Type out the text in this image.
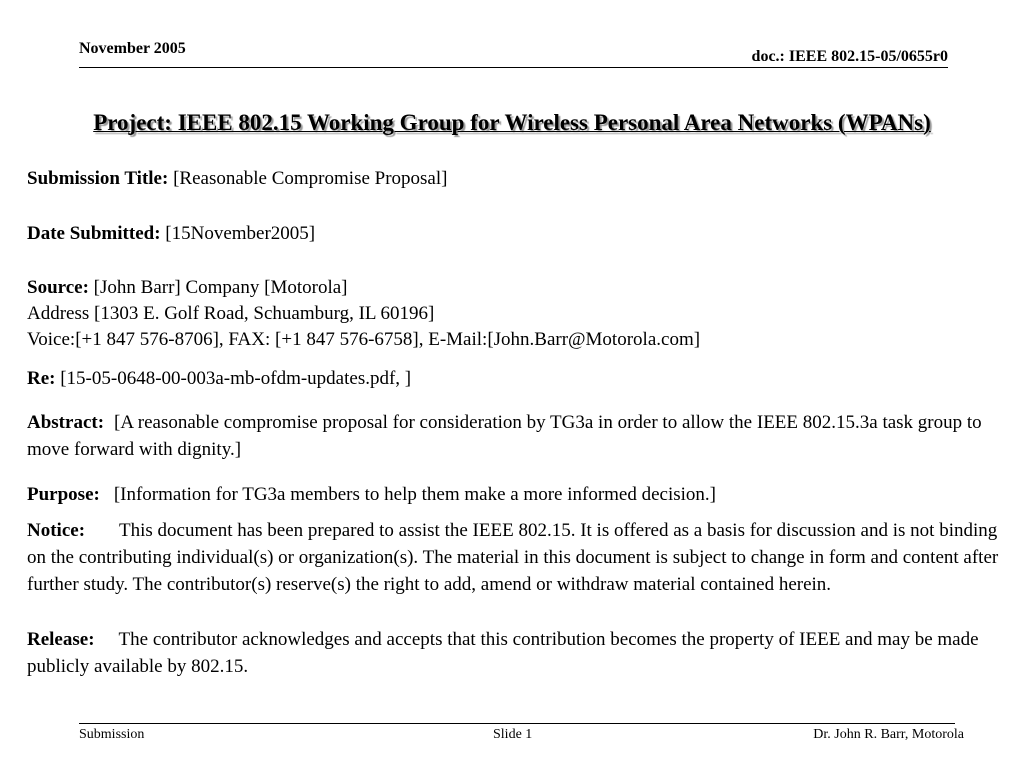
November 2005	doc.: IEEE 802.15-05/0655r0
Project: IEEE 802.15 Working Group for Wireless Personal Area Networks (WPANs)
Submission Title: [Reasonable Compromise Proposal]
Date Submitted: [15November2005]
Source: [John Barr] Company [Motorola]
Address [1303 E. Golf Road, Schuamburg, IL 60196]
Voice:[+1 847 576-8706], FAX: [+1 847 576-6758], E-Mail:[John.Barr@Motorola.com]
Re: [15-05-0648-00-003a-mb-ofdm-updates.pdf, ]
Abstract: [A reasonable compromise proposal for consideration by TG3a in order to allow the IEEE 802.15.3a task group to move forward with dignity.]
Purpose: [Information for TG3a members to help them make a more informed decision.]
Notice: This document has been prepared to assist the IEEE 802.15. It is offered as a basis for discussion and is not binding on the contributing individual(s) or organization(s). The material in this document is subject to change in form and content after further study. The contributor(s) reserve(s) the right to add, amend or withdraw material contained herein.
Release: The contributor acknowledges and accepts that this contribution becomes the property of IEEE and may be made publicly available by 802.15.
Submission	Slide 1	Dr. John R. Barr, Motorola
